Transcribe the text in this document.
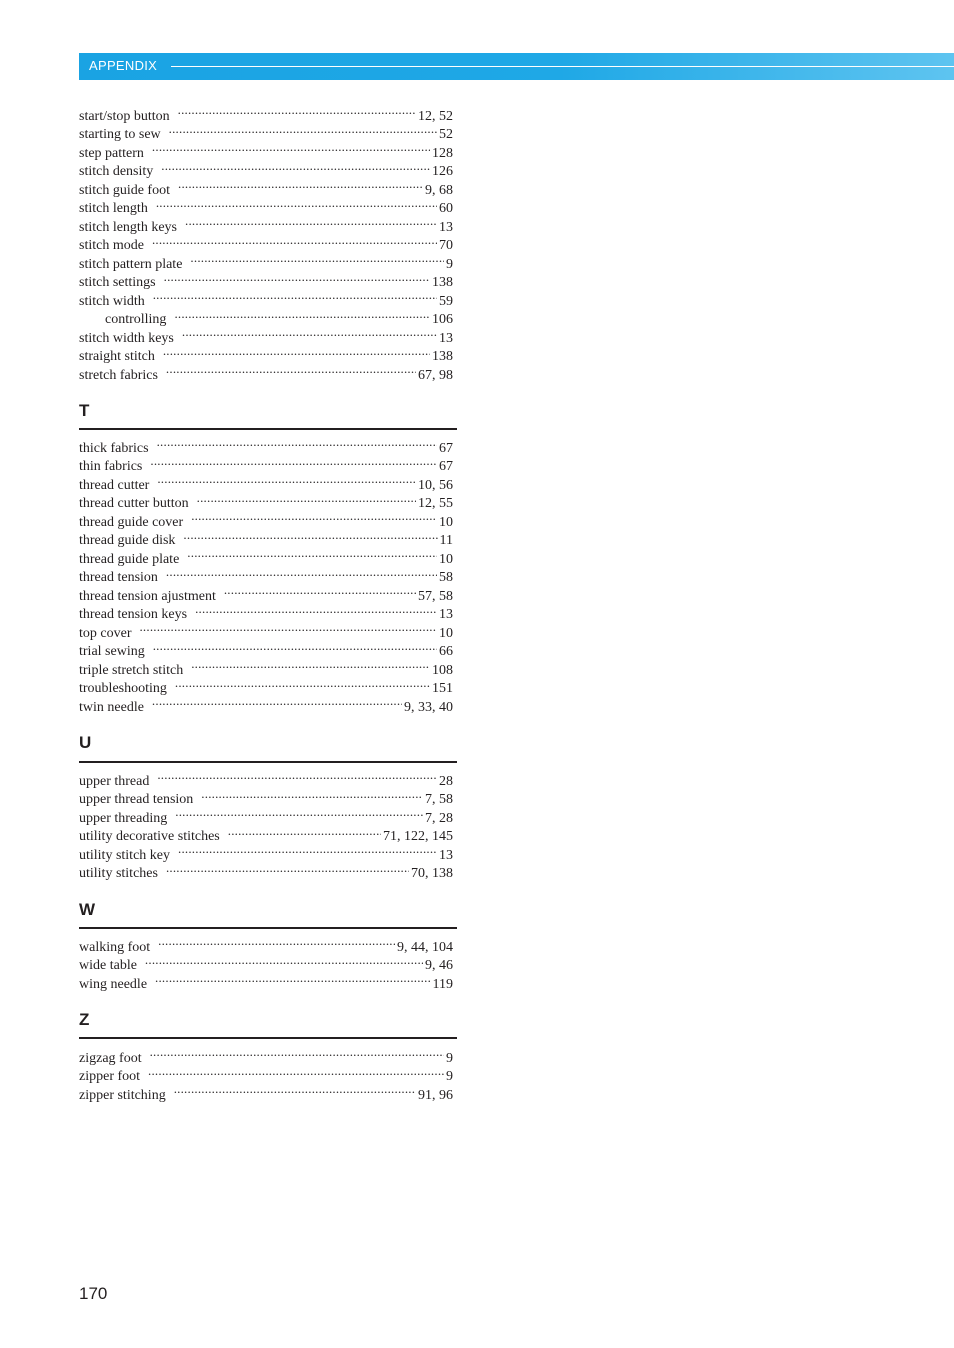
APPENDIX
start/stop button .....	12, 52
starting to sew .....	52
step pattern .....	128
stitch density .....	126
stitch guide foot .....	9, 68
stitch length .....	60
stitch length keys .....	13
stitch mode .....	70
stitch pattern plate .....	9
stitch settings .....	138
stitch width .....	59
controlling .....	106
stitch width keys .....	13
straight stitch .....	138
stretch fabrics .....	67, 98
T
thick fabrics .....	67
thin fabrics .....	67
thread cutter .....	10, 56
thread cutter button .....	12, 55
thread guide cover .....	10
thread guide disk .....	11
thread guide plate .....	10
thread tension .....	58
thread tension ajustment .....	57, 58
thread tension keys .....	13
top cover .....	10
trial sewing .....	66
triple stretch stitch .....	108
troubleshooting .....	151
twin needle .....	9, 33, 40
U
upper thread .....	28
upper thread tension .....	7, 58
upper threading .....	7, 28
utility decorative stitches .....	71, 122, 145
utility stitch key .....	13
utility stitches .....	70, 138
W
walking foot .....	9, 44, 104
wide table .....	9, 46
wing needle .....	119
Z
zigzag foot .....	9
zipper foot .....	9
zipper stitching .....	91, 96
170
